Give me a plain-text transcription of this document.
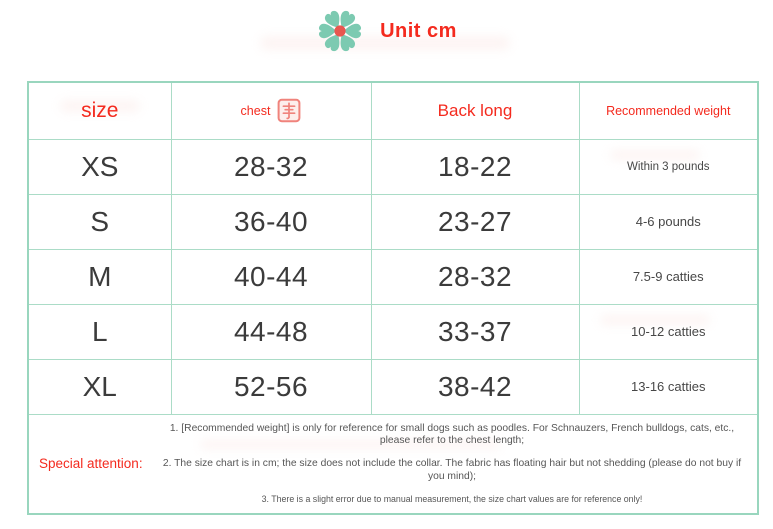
Unit cm
size	chest	Back long	Recommended weight
XS	28-32	18-22	Within 3 pounds
S	36-40	23-27	4-6 pounds
M	40-44	28-32	7.5-9 catties
L	44-48	33-37	10-12 catties
XL	52-56	38-42	13-16 catties

Special attention:
1. [Recommended weight] is only for reference for small dogs such as poodles. For Schnauzers, French bulldogs, cats, etc., please refer to the chest length;
2. The size chart is in cm; the size does not include the collar. The fabric has floating hair but not shedding (please do not buy if you mind);
3. There is a slight error due to manual measurement, the size chart values are for reference only!			
